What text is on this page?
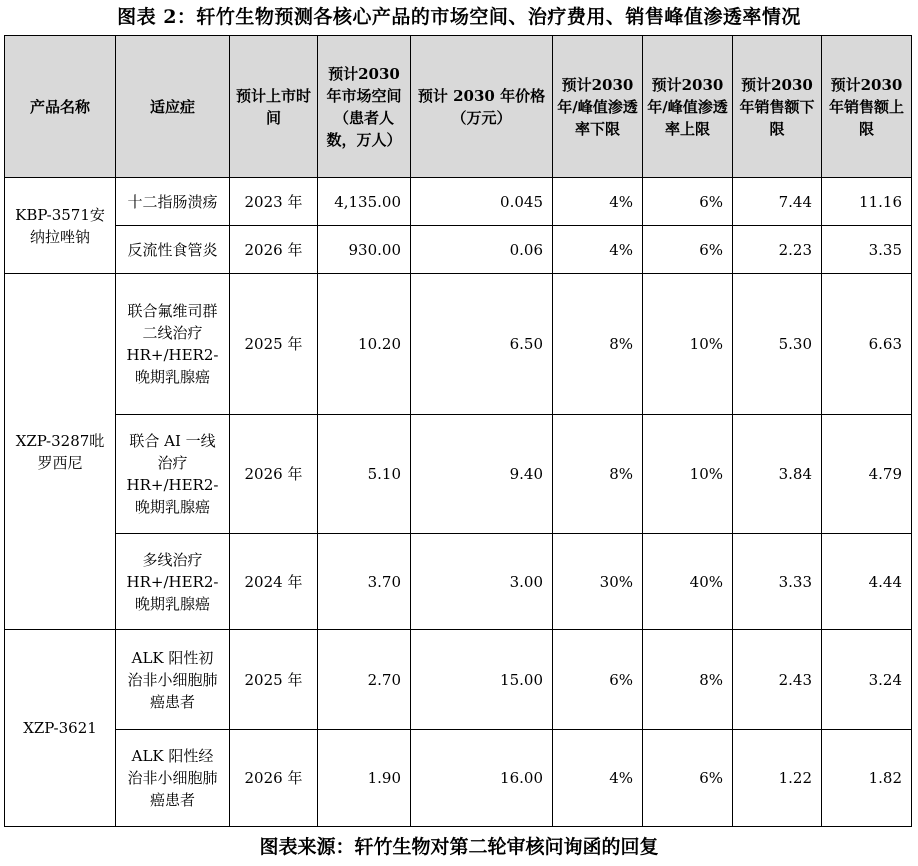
图表 2：轩竹生物预测各核心产品的市场空间、治疗费用、销售峰值渗透率情况
产品名称	适应症	预计上市时间	预计2030 年市场空间（患者人数，万人）	预计 2030 年价格（万元）	预计2030 年/峰值渗透率下限	预计2030 年/峰值渗透率上限	预计2030 年销售额下限	预计2030 年销售额上限
KBP-3571安纳拉唑钠	十二指肠溃疡	2023 年	4,135.00	0.045	4%	6%	7.44	11.16
	反流性食管炎	2026 年	930.00	0.06	4%	6%	2.23	3.35
XZP-3287吡罗西尼	联合氟维司群二线治疗HR+/HER2-晚期乳腺癌	2025 年	10.20	6.50	8%	10%	5.30	6.63
	联合 AI 一线治疗HR+/HER2-晚期乳腺癌	2026 年	5.10	9.40	8%	10%	3.84	4.79
	多线治疗HR+/HER2-晚期乳腺癌	2024 年	3.70	3.00	30%	40%	3.33	4.44
XZP-3621	ALK 阳性初治非小细胞肺癌患者	2025 年	2.70	15.00	6%	8%	2.43	3.24
	ALK 阳性经治非小细胞肺癌患者	2026 年	1.90	16.00	4%	6%	1.22	1.82
图表来源：轩竹生物对第二轮审核问询函的回复
